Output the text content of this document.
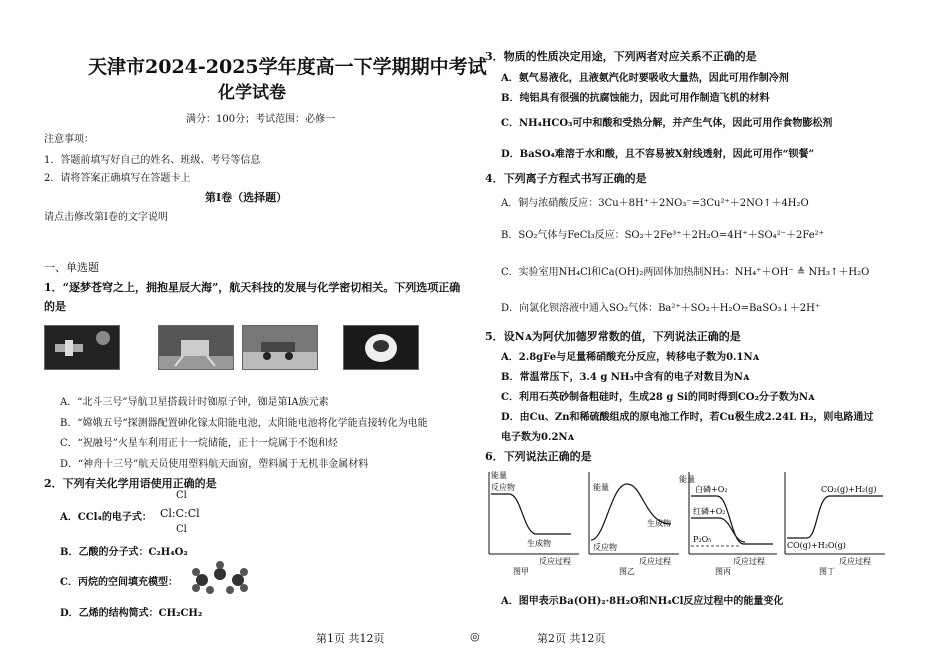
天津市2024-2025学年度高一下学期期中考试
化学试卷
满分：100分；考试范围：必修一
注意事项：
1．答题前填写好自己的姓名、班级、考号等信息
2．请将答案正确填写在答题卡上
第I卷（选择题）
请点击修改第I卷的文字说明
一、单选题
1．“逐梦苍穹之上，拥抱星辰大海”，航天科技的发展与化学密切相关。下列选项正确
的是
A．“北斗三号”导航卫星搭载计时铷原子钟，铷是第IA族元素
B．“嫦娥五号”探测器配置砷化镓太阳能电池，太阳能电池将化学能直接转化为电能
C．“祝融号”火星车利用正十一烷储能，正十一烷属于不饱和烃
D．“神舟十三号”航天员使用塑料航天面窗，塑料属于无机非金属材料
2．下列有关化学用语使用正确的是
A．CCl₄的电子式：
Cl
Cl:C:Cl
Cl
B．乙酸的分子式：C₂H₄O₂
C．丙烷的空间填充模型：
D．乙烯的结构简式：CH₂CH₂
第1页 共12页	◎
3．物质的性质决定用途，下列两者对应关系不正确的是
A．氨气易液化，且液氨汽化时要吸收大量热，因此可用作制冷剂
B．纯铝具有很强的抗腐蚀能力，因此可用作制造飞机的材料
C．NH₄HCO₃可中和酸和受热分解，并产生气体，因此可用作食物膨松剂
D．BaSO₄难溶于水和酸，且不容易被X射线透射，因此可用作“钡餐”
4．下列离子方程式书写正确的是
A．铜与浓硝酸反应：3Cu＋8H⁺＋2NO₃⁻=3Cu²⁺＋2NO↑＋4H₂O
B．SO₂气体与FeCl₃反应：SO₂＋2Fe³⁺＋2H₂O=4H⁺＋SO₄²⁻＋2Fe²⁺
C．实验室用NH₄Cl和Ca(OH)₂两固体加热制NH₃：NH₄⁺＋OH⁻ ≜ NH₃↑＋H₂O
D．向氯化钡溶液中通入SO₂气体：Ba²⁺＋SO₂＋H₂O=BaSO₃↓＋2H⁺
5．设Nᴀ为阿伏加德罗常数的值，下列说法正确的是
A．2.8gFe与足量稀硝酸充分反应，转移电子数为0.1Nᴀ
B．常温常压下，3.4 g NH₃中含有的电子对数目为Nᴀ
C．利用石英砂制备粗硅时，生成28 g Si的同时得到CO₂分子数为Nᴀ
D．由Cu、Zn和稀硫酸组成的原电池工作时，若Cu极生成2.24L H₂，则电路通过
电子数为0.2Nᴀ
6．下列说法正确的是
能量
反应物
生成物
反应过程
图甲
能量
反应物
生成物
反应过程
图乙
能量
白磷+O₂
红磷+O₂
P₂O₅
反应过程
图丙
CO₂(g)+H₂(g)
CO(g)+H₂O(g)
反应过程
图丁
A．图甲表示Ba(OH)₂·8H₂O和NH₄Cl反应过程中的能量变化
第2页 共12页
